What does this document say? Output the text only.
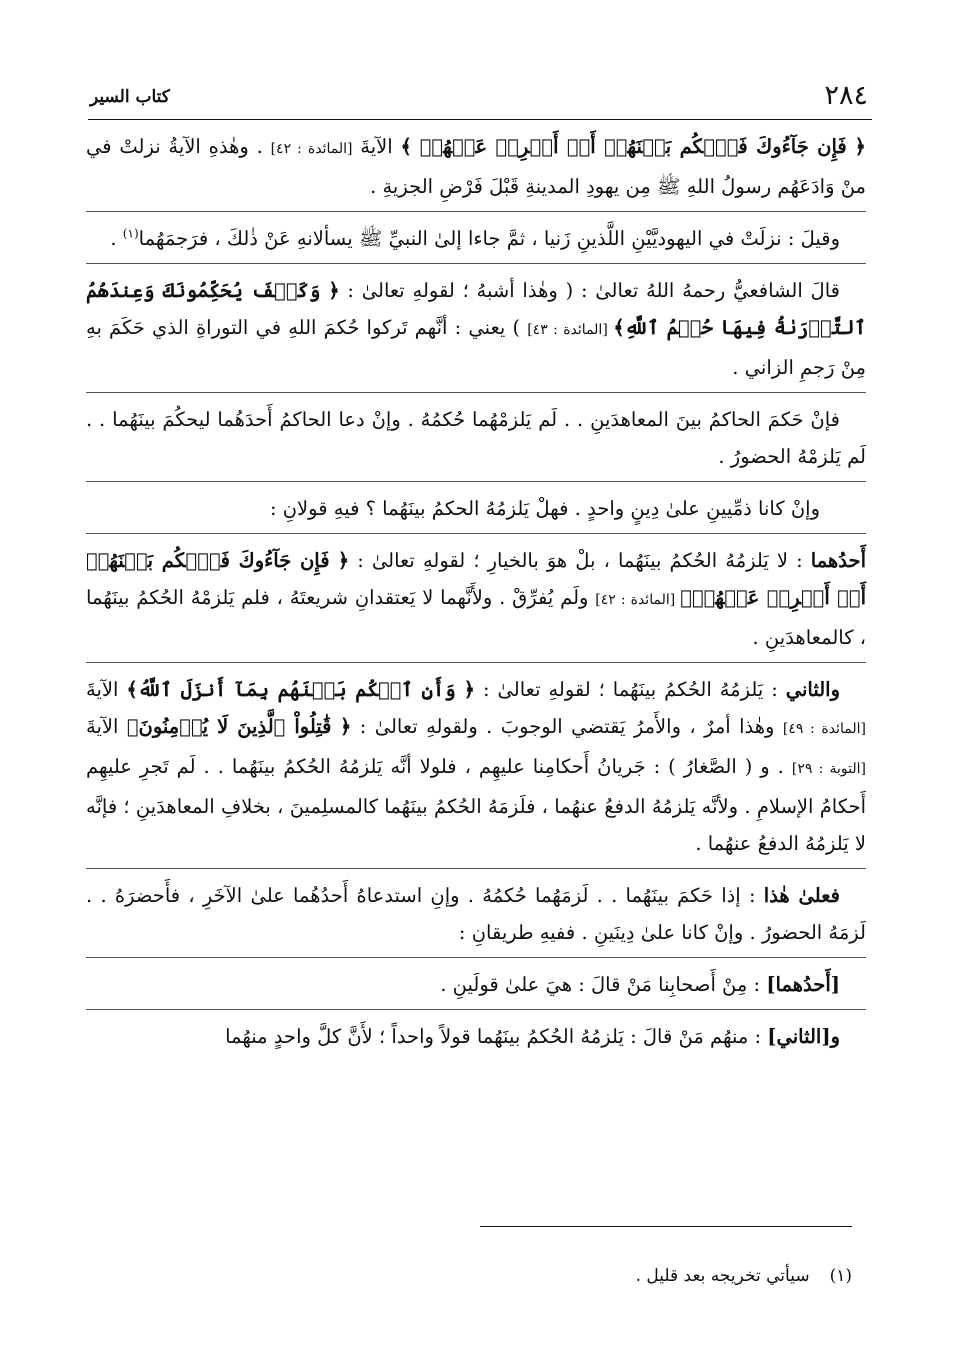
٢٨٤
كتاب السير

﴿ فَإِن جَآءُوكَ فَٱحۡكُم بَيۡنَهُمۡ أَوۡ أَعۡرِضۡ عَنۡهُمۡ ﴾ الآيةَ [المائدة : ٤٢] . وهٰذهِ الآيةُ نزلتْ في منْ وَادَعَهُم رسولُ اللهِ ﷺ مِن يهودِ المدينةِ قَبْلَ فَرْضِ الجزيةِ .

وقيلَ : نزلَتْ في اليهوديَّيْنِ اللَّذينِ زَنيا ، ثمَّ جاءا إلىٰ النبيِّ ﷺ يسألانهِ عَنْ ذٰلكَ ، فرَجمَهُما$^{(١)}$ .

قالَ الشافعيُّ رحمهُ اللهُ تعالىٰ : ( وهٰذا أشبهُ ؛ لقولهِ تعالىٰ : ﴿ وَكَيۡفَ يُحَكِّمُونَكَ وَعِندَهُمُ ٱلتَّوۡرَىٰةُ فِيهَا حُكۡمُ ٱللَّهِ﴾ [المائدة : ٤٣] ) يعني : أنَّهم تَركوا حُكمَ اللهِ في التوراةِ الذي حَكَمَ بهِ مِنْ رَجمِ الزاني .

فإنْ حَكمَ الحاكمُ بينَ المعاهدَينِ . . لَم يَلزمْهُما حُكمُهُ . وإنْ دعا الحاكمُ أَحدَهُما ليحكُمَ بينَهُما . . لَم يَلزمْهُ الحضورُ .

وإنْ كانا ذمِّيينِ علىٰ دِينٍ واحدٍ . فهلْ يَلزمُهُ الحكمُ بينَهُما ؟ فيهِ قولانِ :

أَحدُهما : لا يَلزمُهُ الحُكمُ بينَهُما ، بلْ هوَ بالخيارِ ؛ لقولهِ تعالىٰ : ﴿ فَإِن جَآءُوكَ فَٱحۡكُم بَيۡنَهُمۡ أَوۡ أَعۡرِضۡ عَنۡهُمۡ﴾ [المائدة : ٤٢] ولَم يُفرِّقْ . ولأَنَّهما لا يَعتقدانِ شريعتَهُ ، فلم يَلزمْهُ الحُكمُ بينَهُما ، كالمعاهدَينِ .

والثاني : يَلزمُهُ الحُكمُ بينَهُما ؛ لقولهِ تعالىٰ : ﴿ وَأَنِ ٱحۡكُم بَيۡنَهُم بِمَآ أَنزَلَ ٱللَّهُ﴾ الآيةَ [المائدة : ٤٩] وهٰذا أمرٌ ، والأَمرُ يَقتضي الوجوبَ . ولقولهِ تعالىٰ : ﴿ قَٰتِلُواْ ٱلَّذِينَ لَا يُؤۡمِنُونَ﴾ الآيةَ [التوبة : ٢٩] . و ( الصَّغارُ ) : جَريانُ أَحكامِنا عليهِم ، فلولا أنَّه يَلزمُهُ الحُكمُ بينَهُما . . لَم تَجرِ عليهِم أَحكامُ الإسلامِ . ولأنَّه يَلزمُهُ الدفعُ عنهُما ، فلَزمَهُ الحُكمُ بينَهُما كالمسلِمينَ ، بخلافِ المعاهدَينِ ؛ فإنَّه لا يَلزمُهُ الدفعُ عنهُما .

فعلىٰ هٰذا : إذا حَكمَ بينَهُما . . لَزمَهُما حُكمُهُ . وإنِ استدعاهُ أَحدُهُما علىٰ الآخَرِ ، فأَحضرَهُ . . لَزمَهُ الحضورُ . وإنْ كانا علىٰ دِينَينِ . ففيهِ طريقانِ :

[أَحدُهما] : مِنْ أَصحابِنا مَنْ قالَ : هيَ علىٰ قولَينِ .

و[الثاني] : منهُم مَنْ قالَ : يَلزمُهُ الحُكمُ بينَهُما قولاً واحداً ؛ لأَنَّ كلَّ واحدٍ منهُما

(١)سيأتي تخريجه بعد قليل .
